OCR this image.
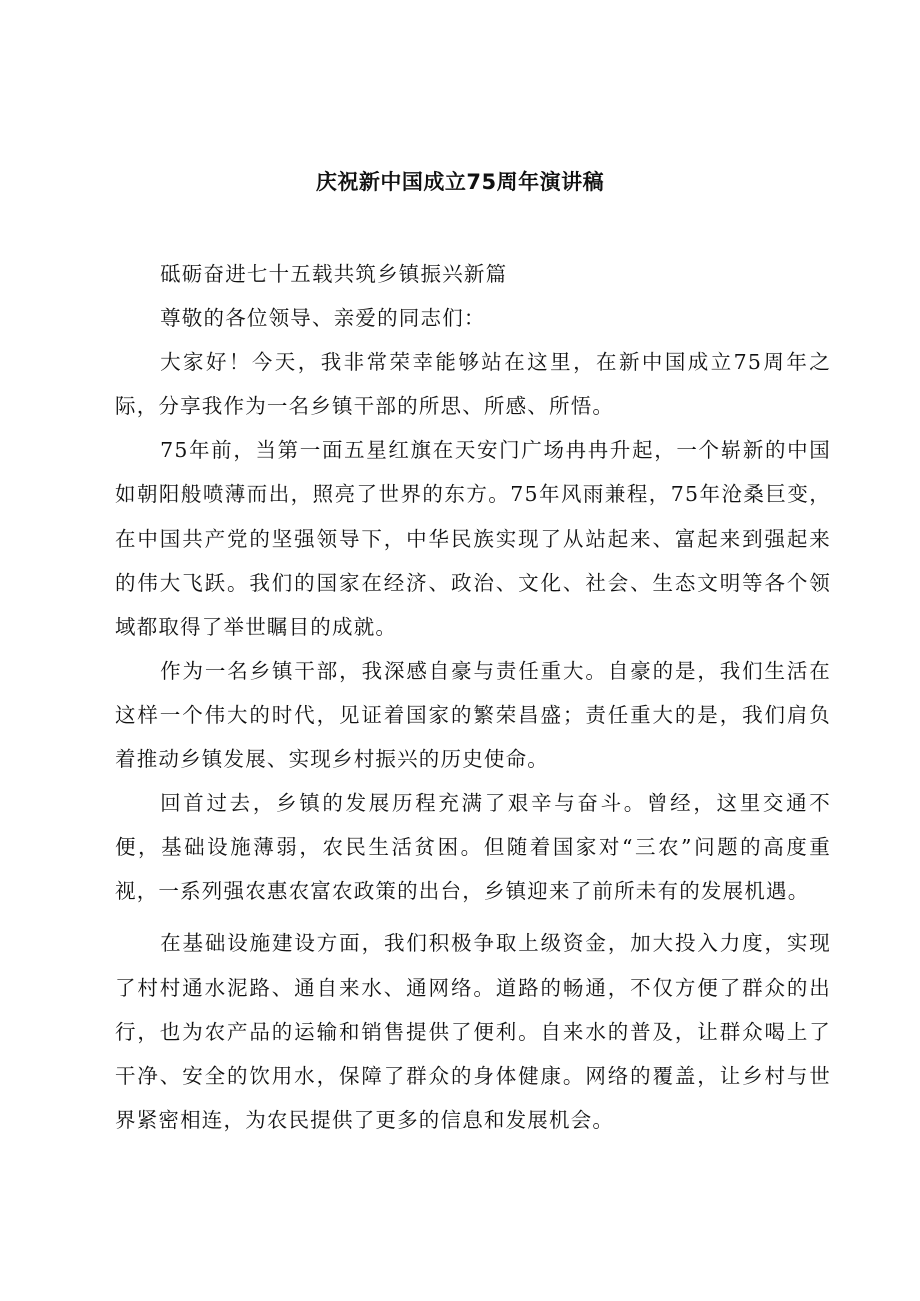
庆祝新中国成立75周年演讲稿

砥砺奋进七十五载共筑乡镇振兴新篇

尊敬的各位领导、亲爱的同志们：

大家好！今天，我非常荣幸能够站在这里，在新中国成立75周年之际，分享我作为一名乡镇干部的所思、所感、所悟。

75年前，当第一面五星红旗在天安门广场冉冉升起，一个崭新的中国如朝阳般喷薄而出，照亮了世界的东方。75年风雨兼程，75年沧桑巨变，在中国共产党的坚强领导下，中华民族实现了从站起来、富起来到强起来的伟大飞跃。我们的国家在经济、政治、文化、社会、生态文明等各个领域都取得了举世瞩目的成就。

作为一名乡镇干部，我深感自豪与责任重大。自豪的是，我们生活在这样一个伟大的时代，见证着国家的繁荣昌盛；责任重大的是，我们肩负着推动乡镇发展、实现乡村振兴的历史使命。

回首过去，乡镇的发展历程充满了艰辛与奋斗。曾经，这里交通不便，基础设施薄弱，农民生活贫困。但随着国家对“三农”问题的高度重视，一系列强农惠农富农政策的出台，乡镇迎来了前所未有的发展机遇。

在基础设施建设方面，我们积极争取上级资金，加大投入力度，实现了村村通水泥路、通自来水、通网络。道路的畅通，不仅方便了群众的出行，也为农产品的运输和销售提供了便利。自来水的普及，让群众喝上了干净、安全的饮用水，保障了群众的身体健康。网络的覆盖，让乡村与世界紧密相连，为农民提供了更多的信息和发展机会。
